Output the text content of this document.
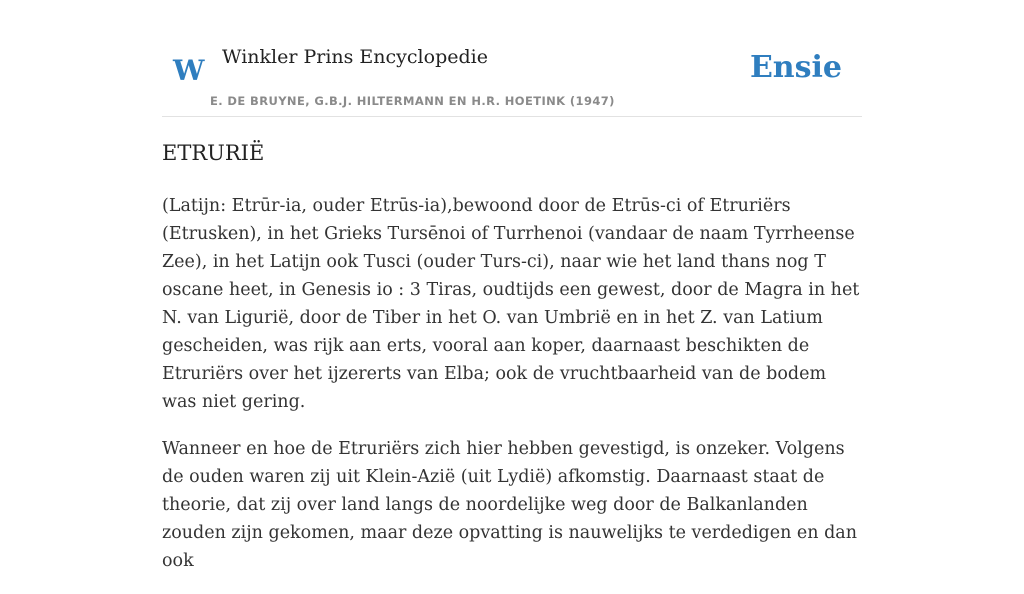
W Winkler Prins Encyclopedie
E. DE BRUYNE, G.B.J. HILTERMANN EN H.R. HOETINK (1947)
Ensie
ETRURIË

(Latijn: Etrūr-ia, ouder Etrūs-ia),bewoond door de Etrūs-ci of Etruriërs (Etrusken), in het Grieks Tursēnoi of Turrhenoi (vandaar de naam Tyrrheense Zee), in het Latijn ook Tusci (ouder Turs-ci), naar wie het land thans nog T oscane heet, in Genesis io : 3 Tiras, oudtijds een gewest, door de Magra in het N. van Ligurië, door de Tiber in het O. van Umbrië en in het Z. van Latium gescheiden, was rijk aan erts, vooral aan koper, daarnaast beschikten de Etruriërs over het ijzererts van Elba; ook de vruchtbaarheid van de bodem was niet gering.

Wanneer en hoe de Etruriërs zich hier hebben gevestigd, is onzeker. Volgens de ouden waren zij uit Klein-Azië (uit Lydië) afkomstig. Daarnaast staat de theorie, dat zij over land langs de noordelijke weg door de Balkanlanden zouden zijn gekomen, maar deze opvatting is nauwelijks te verdedigen en dan ook
